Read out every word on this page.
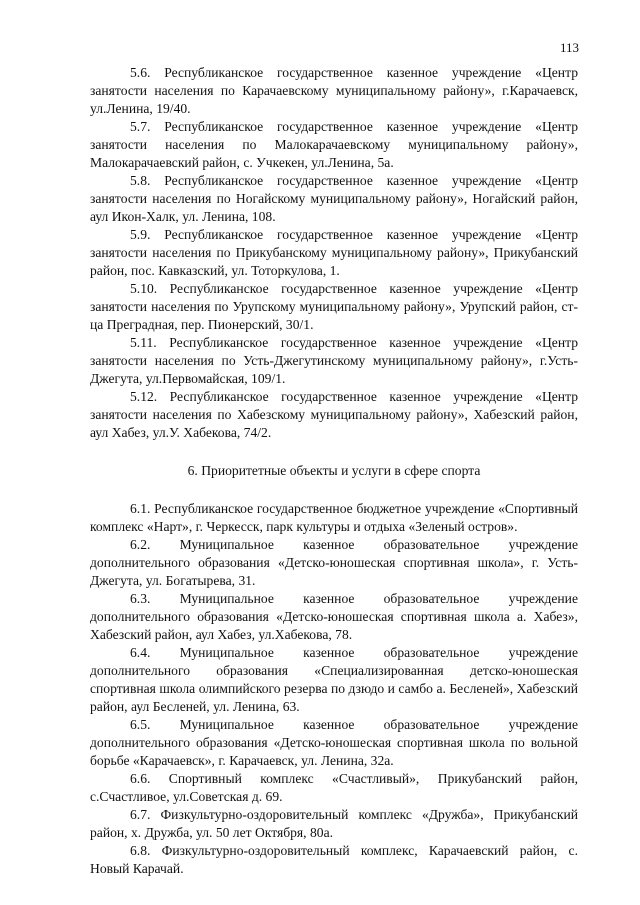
113

5.6. Республиканское государственное казенное учреждение «Центр занятости населения по Карачаевскому муниципальному району», г.Карачаевск, ул.Ленина, 19/40.

5.7. Республиканское государственное казенное учреждение «Центр занятости населения по Малокарачаевскому муниципальному району», Малокарачаевский район, с. Учкекен, ул.Ленина, 5а.

5.8. Республиканское государственное казенное учреждение «Центр занятости населения по Ногайскому муниципальному району», Ногайский район, аул Икон-Халк, ул. Ленина, 108.

5.9. Республиканское государственное казенное учреждение «Центр занятости населения по Прикубанскому муниципальному району», Прикубанский район, пос. Кавказский, ул. Тоторкулова, 1.

5.10. Республиканское государственное казенное учреждение «Центр занятости населения по Урупскому муниципальному району», Урупский район, ст-ца Преградная, пер. Пионерский, 30/1.

5.11. Республиканское государственное казенное учреждение «Центр занятости населения по Усть-Джегутинскому муниципальному району», г.Усть-Джегута, ул.Первомайская, 109/1.

5.12. Республиканское государственное казенное учреждение «Центр занятости населения по Хабезскому муниципальному району», Хабезский район, аул Хабез, ул.У. Хабекова, 74/2.

6. Приоритетные объекты и услуги в сфере спорта

6.1. Республиканское государственное бюджетное учреждение «Спортивный комплекс «Нарт», г. Черкесск, парк культуры и отдыха «Зеленый остров».

6.2. Муниципальное казенное образовательное учреждение дополнительного образования «Детско-юношеская спортивная школа», г. Усть-Джегута, ул. Богатырева, 31.

6.3. Муниципальное казенное образовательное учреждение дополнительного образования «Детско-юношеская спортивная школа а. Хабез», Хабезский район, аул Хабез, ул.Хабекова, 78.

6.4. Муниципальное казенное образовательное учреждение дополнительного образования «Специализированная детско-юношеская спортивная школа олимпийского резерва по дзюдо и самбо а. Бесленей», Хабезский район, аул Бесленей, ул. Ленина, 63.

6.5. Муниципальное казенное образовательное учреждение дополнительного образования «Детско-юношеская спортивная школа по вольной борьбе «Карачаевск», г. Карачаевск, ул. Ленина, 32а.

6.6. Спортивный комплекс «Счастливый», Прикубанский район, с.Счастливое, ул.Советская д. 69.

6.7. Физкультурно-оздоровительный комплекс «Дружба», Прикубанский район, х. Дружба, ул. 50 лет Октября, 80а.

6.8. Физкультурно-оздоровительный комплекс, Карачаевский район, с. Новый Карачай.
